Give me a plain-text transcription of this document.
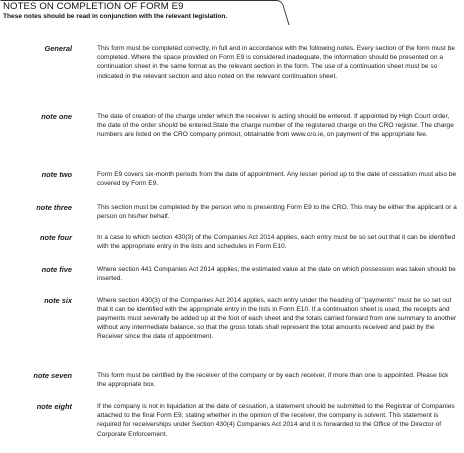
NOTES ON COMPLETION OF FORM E9
These notes should be read in conjunction with the relevant legislation.
General	This form must be completed correctly, in full and in accordance with the following notes. Every section of the form must be completed. Where the space provided on Form E9 is considered inadequate, the information should be presented on a continuation sheet in the same format as the relevant section in the form. The use of a continuation sheet must be so indicated in the relevant section and also noted on the relevant continuation sheet.
note one	The date of creation of the charge under which the receiver is acting should be entered. If appointed by High Court order, the date of the order should be entered.State the charge number of the registered charge on the CRO register. The charge numbers are listed on the CRO company printout, obtainable from www.cro.ie, on payment of the appropriate fee.
note two	Form E9 covers six-month periods from the date of appointment. Any lesser period up to the date of cessation must also be covered by Form E9.
note three	This section must be completed by the person who is presenting Form E9 to the CRO. This may be either the applicant or a person on his/her behalf.
note four	In a case to which section 430(3) of the Companies Act 2014 applies, each entry must be so set out that it can be identified with the appropriate entry in the lists and schedules in Form E10.
note five	Where section 441 Companies Act 2014 applies, the estimated value at the date on which possession was taken should be inserted.
note six	Where section 430(3) of the Companies Act 2014 applies, each entry under the heading of "payments" must be so set out that it can be identified with the appropriate entry in the lists in Form E10. If a continuation sheet is used, the receipts and payments must severally be added up at the foot of each sheet and the totals carried forward from one summary to another without any intermediate balance, so that the gross totals shall represent the total amounts received and paid by the Receiver since the date of appointment.
note seven	This form must be certified by the receiver of the company or by each receiver, if more than one is appointed. Please tick the appropriate box.
note eight	If the company is not in liquidation at the date of cessation, a statement should be submitted to the Registrar of Companies attached to the final Form E9, stating whether in the opinion of the receiver, the company is solvent. This statement is required for receiverships under Section 430(4) Companies Act 2014 and it is forwarded to the Office of the Director of Corporate Enforcement.
